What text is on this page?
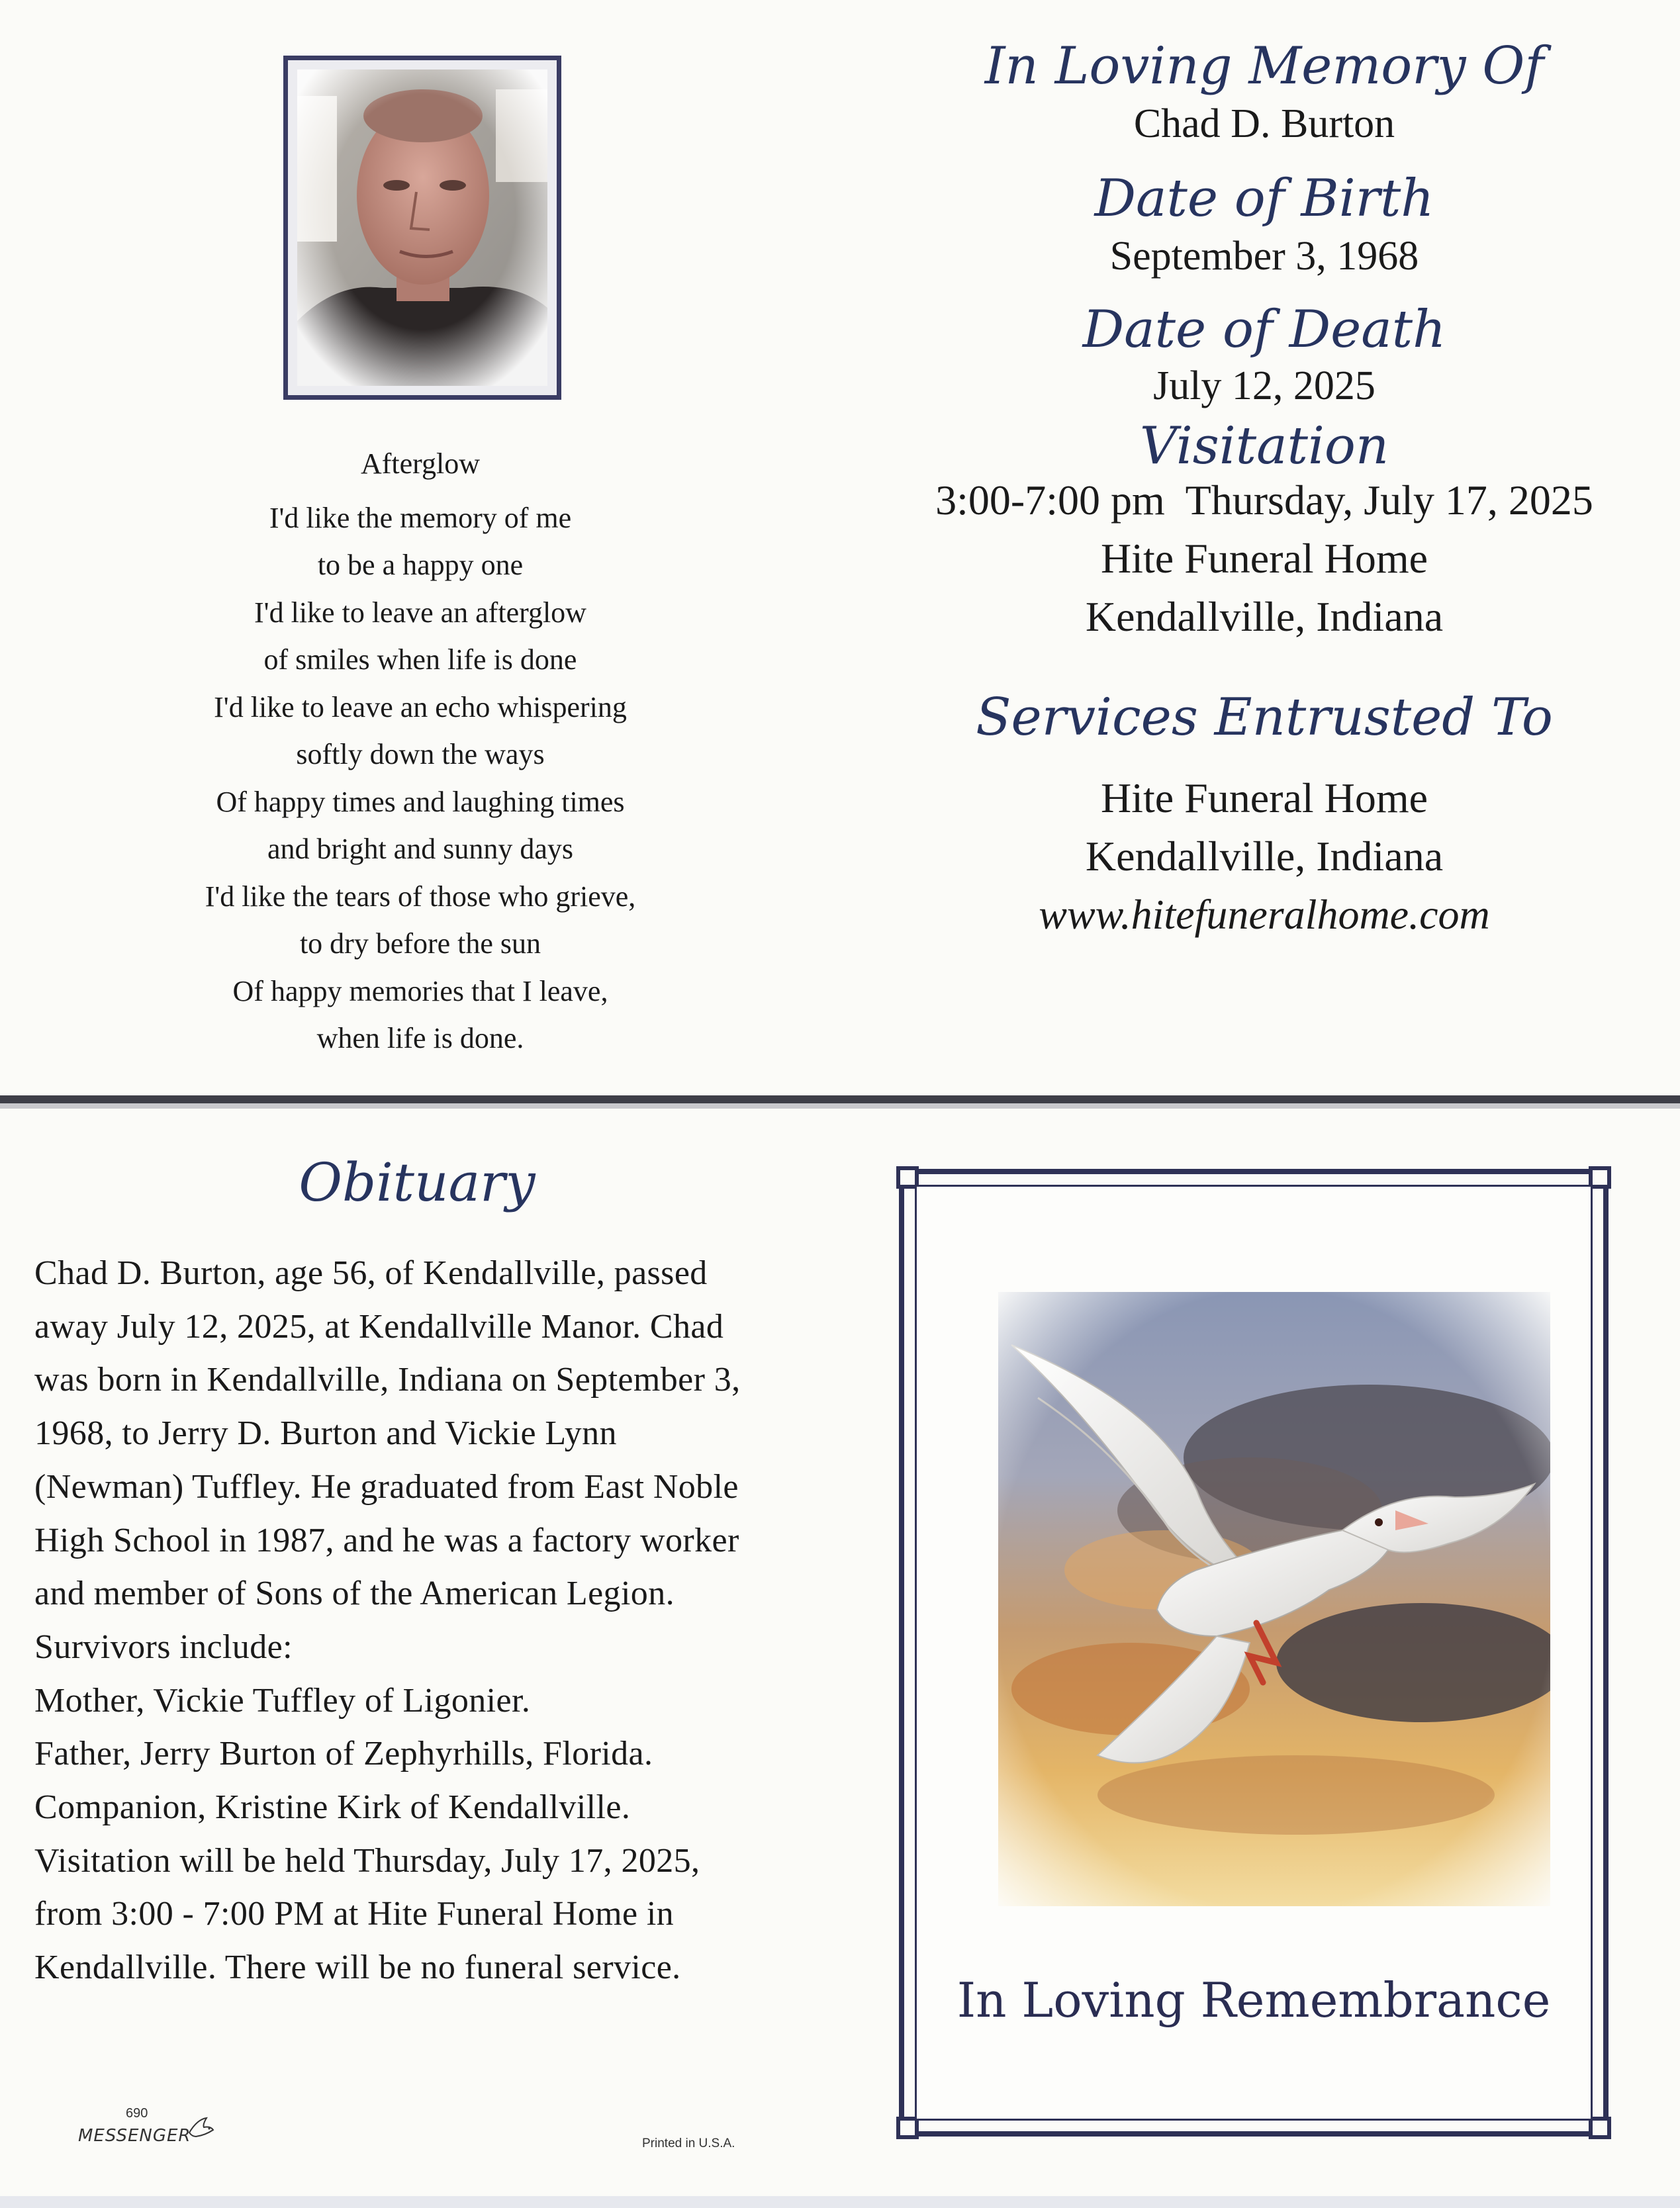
Afterglow

I'd like the memory of me

to be a happy one

I'd like to leave an afterglow

of smiles when life is done

I'd like to leave an echo whispering

softly down the ways

Of happy times and laughing times

and bright and sunny days

I'd like the tears of those who grieve,

to dry before the sun

Of happy memories that I leave,

when life is done.

In Loving Memory Of

Chad D. Burton

Date of Birth

September 3, 1968

Date of Death

July 12, 2025

Visitation

3:00-7:00 pm  Thursday, July 17, 2025

Hite Funeral Home

Kendallville, Indiana

Services Entrusted To

Hite Funeral Home

Kendallville, Indiana

www.hitefuneralhome.com

Obituary

Chad D. Burton, age 56, of Kendallville, passed

away July 12, 2025, at Kendallville Manor. Chad

was born in Kendallville, Indiana on September 3,

1968, to Jerry D. Burton and Vickie Lynn

(Newman) Tuffley. He graduated from East Noble

High School in 1987, and he was a factory worker

and member of Sons of the American Legion.

Survivors include:

Mother, Vickie Tuffley of Ligonier.

Father, Jerry Burton of Zephyrhills, Florida.

Companion, Kristine Kirk of Kendallville.

Visitation will be held Thursday, July 17, 2025,

from 3:00 - 7:00 PM at Hite Funeral Home in

Kendallville. There will be no funeral service.

690
MESSENGER	Printed in U.S.A.

In Loving Remembrance
